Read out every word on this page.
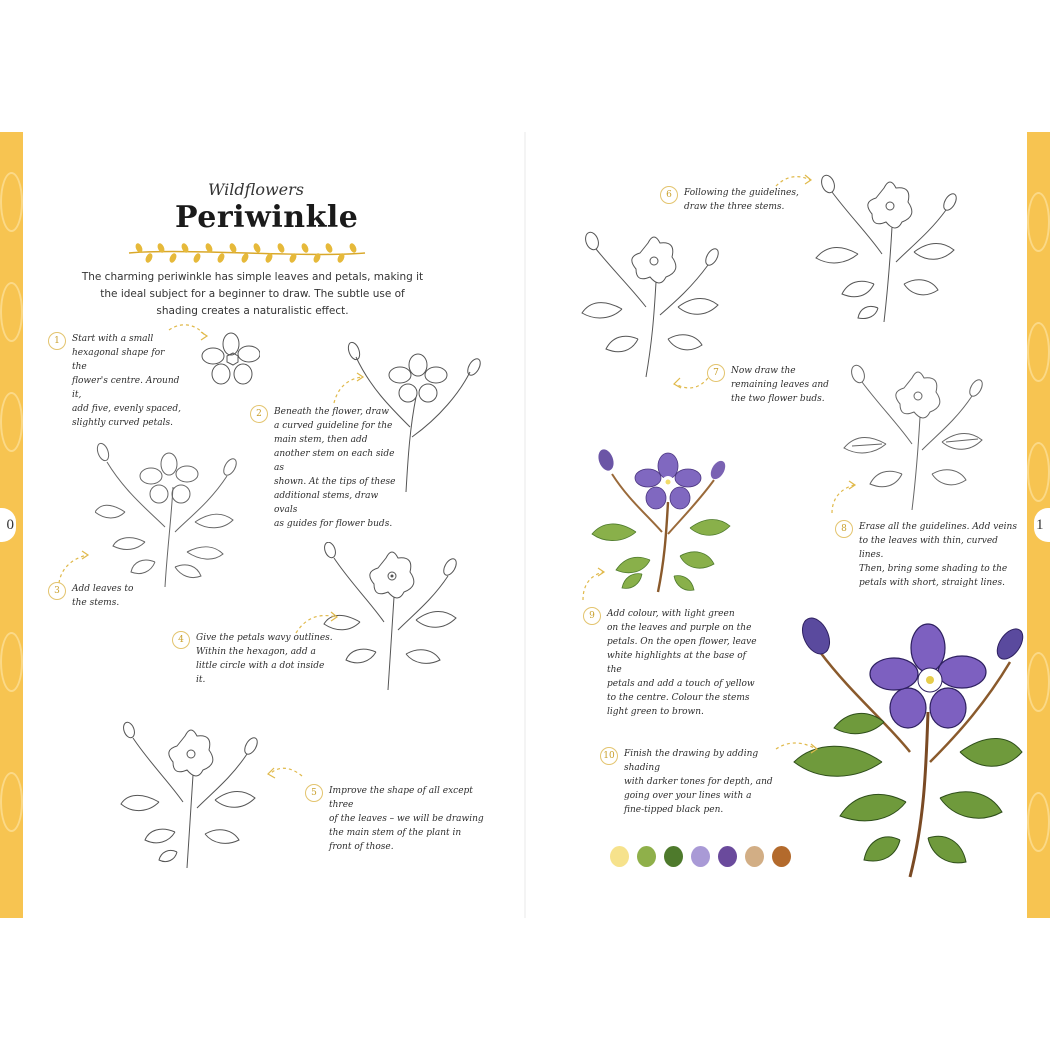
0	1
Wildflowers
Periwinkle
The charming periwinkle has simple leaves and petals, making it the ideal subject for a beginner to draw. The subtle use of shading creates a naturalistic effect.
1	Start with a small
hexagonal shape for the
flower's centre. Around it,
add five, evenly spaced,
slightly curved petals.
2	Beneath the flower, draw
a curved guideline for the
main stem, then add
another stem on each side as
shown. At the tips of these
additional stems, draw ovals
as guides for flower buds.
3	Add leaves to
the stems.
4	Give the petals wavy outlines.
Within the hexagon, add a
little circle with a dot inside it.
5	Improve the shape of all except three
of the leaves – we will be drawing
the main stem of the plant in
front of those.
6	Following the guidelines,
draw the three stems.
7	Now draw the
remaining leaves and
the two flower buds.
8	Erase all the guidelines. Add veins
to the leaves with thin, curved lines.
Then, bring some shading to the
petals with short, straight lines.
9	Add colour, with light green
on the leaves and purple on the
petals. On the open flower, leave
white highlights at the base of the
petals and add a touch of yellow
to the centre. Colour the stems
light green to brown.
10	Finish the drawing by adding shading
with darker tones for depth, and
going over your lines with a
fine-tipped black pen.
